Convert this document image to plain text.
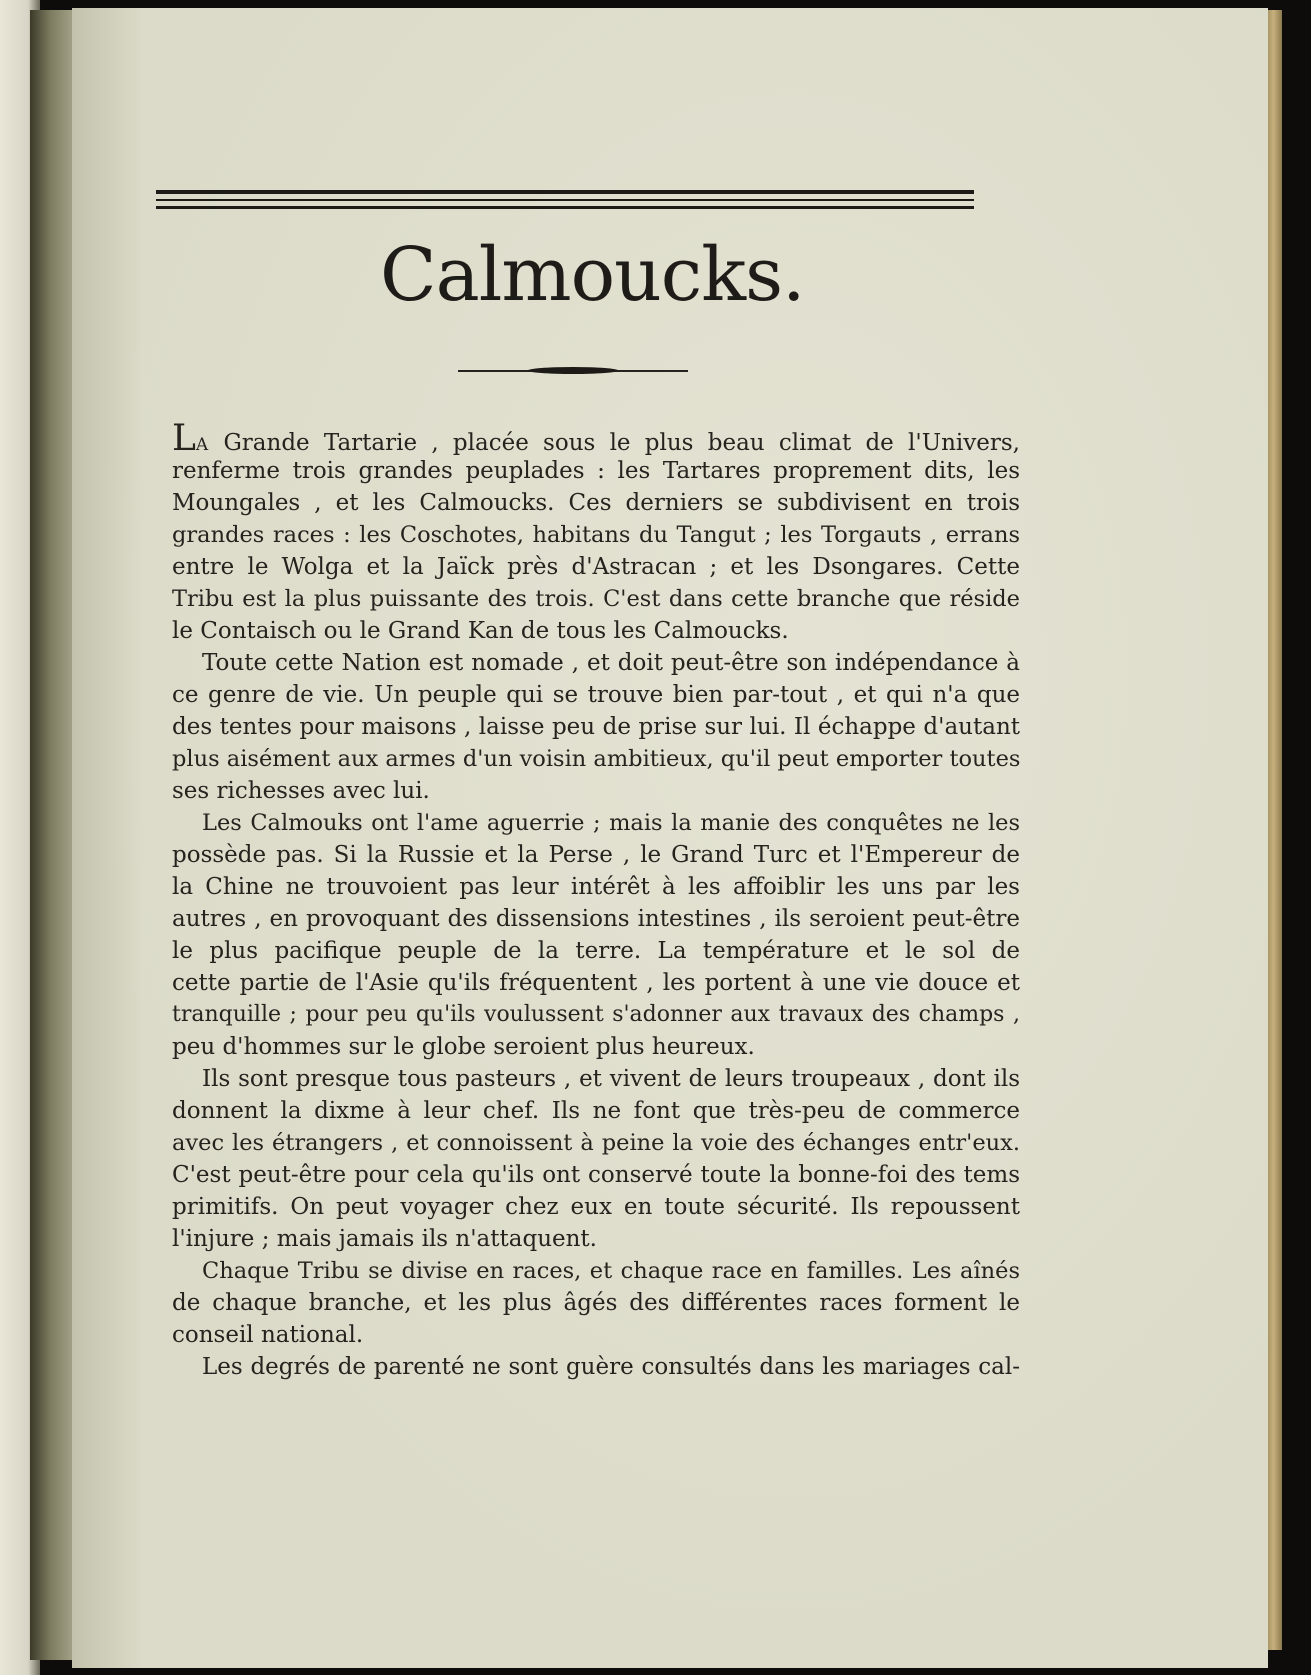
Calmoucks.
LA Grande Tartarie , placée sous le plus beau climat de l'Univers,
renferme trois grandes peuplades : les Tartares proprement dits, les
Moungales , et les Calmoucks. Ces derniers se subdivisent en trois
grandes races : les Coschotes, habitans du Tangut ; les Torgauts , errans
entre le Wolga et la Jaïck près d'Astracan ; et les Dsongares. Cette
Tribu est la plus puissante des trois. C'est dans cette branche que réside
le Contaisch ou le Grand Kan de tous les Calmoucks.
Toute cette Nation est nomade , et doit peut-être son indépendance à
ce genre de vie. Un peuple qui se trouve bien par-tout , et qui n'a que
des tentes pour maisons , laisse peu de prise sur lui. Il échappe d'autant
plus aisément aux armes d'un voisin ambitieux, qu'il peut emporter toutes
ses richesses avec lui.
Les Calmouks ont l'ame aguerrie ; mais la manie des conquêtes ne les
possède pas. Si la Russie et la Perse , le Grand Turc et l'Empereur de
la Chine ne trouvoient pas leur intérêt à les affoiblir les uns par les
autres , en provoquant des dissensions intestines , ils seroient peut-être
le plus pacifique peuple de la terre. La température et le sol de
cette partie de l'Asie qu'ils fréquentent , les portent à une vie douce et
tranquille ; pour peu qu'ils voulussent s'adonner aux travaux des champs ,
peu d'hommes sur le globe seroient plus heureux.
Ils sont presque tous pasteurs , et vivent de leurs troupeaux , dont ils
donnent la dixme à leur chef. Ils ne font que très-peu de commerce
avec les étrangers , et connoissent à peine la voie des échanges entr'eux.
C'est peut-être pour cela qu'ils ont conservé toute la bonne-foi des tems
primitifs. On peut voyager chez eux en toute sécurité. Ils repoussent
l'injure ; mais jamais ils n'attaquent.
Chaque Tribu se divise en races, et chaque race en familles. Les aînés
de chaque branche, et les plus âgés des différentes races forment le
conseil national.
Les degrés de parenté ne sont guère consultés dans les mariages cal-
